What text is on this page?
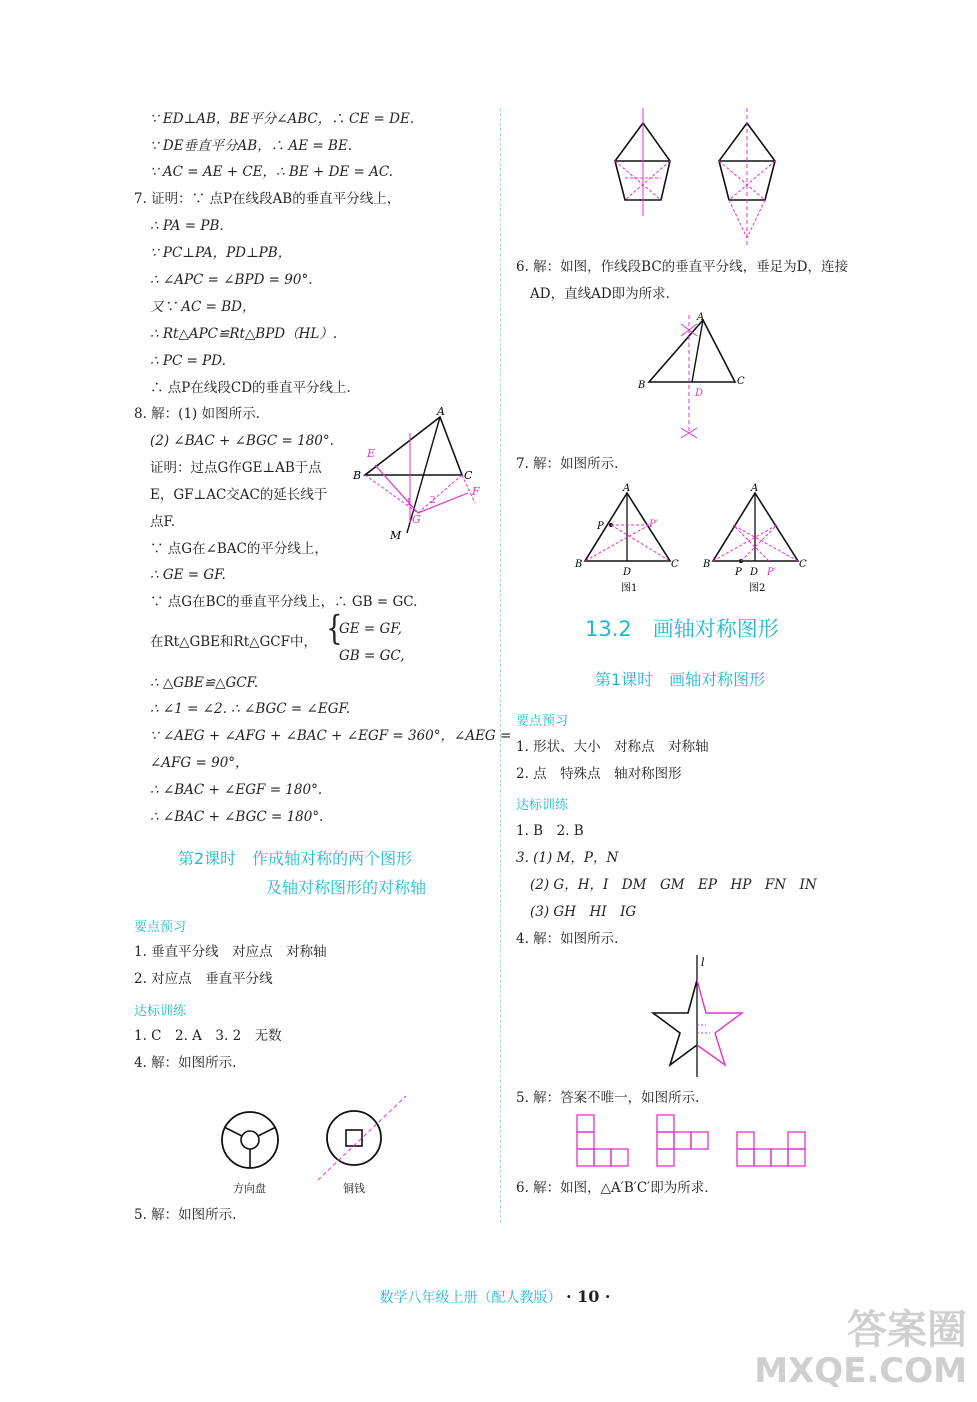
∵ ED⊥AB，BE平分∠ABC，∴ CE = DE.
∵ DE垂直平分AB，∴ AE = BE.
∵ AC = AE + CE，∴ BE + DE = AC.
7. 证明：∵ 点P在线段AB的垂直平分线上，
∴ PA = PB.
∵ PC⊥PA，PD⊥PB，
∴ ∠APC = ∠BPD = 90°.
又∵ AC = BD，
∴ Rt△APC≌Rt△BPD（HL）.
∴ PC = PD.
∴ 点P在线段CD的垂直平分线上.
8. 解：(1) 如图所示.
(2) ∠BAC + ∠BGC = 180°.
证明：过点G作GE⊥AB于点
E，GF⊥AC交AC的延长线于
点F.
∵ 点G在∠BAC的平分线上，
∴ GE = GF.
∵ 点G在BC的垂直平分线上，∴ GB = GC.
在Rt△GBE和Rt△GCF中， {
GE = GF,
GB = GC,
∴ △GBE≌△GCF.
∴ ∠1 = ∠2. ∴ ∠BGC = ∠EGF.
∵ ∠AEG + ∠AFG + ∠BAC + ∠EGF = 360°，∠AEG =
∠AFG = 90°，
∴ ∠BAC + ∠EGF = 180°.
∴ ∠BAC + ∠BGC = 180°.
A
B	C
E
F
G
M
1 2
第2课时　作成轴对称的两个图形
及轴对称图形的对称轴
要点预习
1. 垂直平分线　对应点　对称轴
2. 对应点　垂直平分线
达标训练
1. C　2. A　3. 2　无数
4. 解：如图所示.
方向盘	铜钱
5. 解：如图所示.
6. 解：如图，作线段BC的垂直平分线，垂足为D，连接
AD，直线AD即为所求.
A
B	C
D
7. 解：如图所示.
A
B	C
D
P	P′
图1
A
B	C
D
P	P′
图2
13.2　画轴对称图形
第1课时　画轴对称图形
要点预习
1. 形状、大小　对称点　对称轴
2. 点　特殊点　轴对称图形
达标训练
1. B　2. B
3. (1) M，P，N
(2) G，H，I　DM　GM　EP　HP　FN　IN
(3) GH　HI　IG
4. 解：如图所示.
l
5. 解：答案不唯一，如图所示.
6. 解：如图，△A′B′C′即为所求.
数学八年级上册（配人教版） · 10 ·
答案圈
MXQE.COM
